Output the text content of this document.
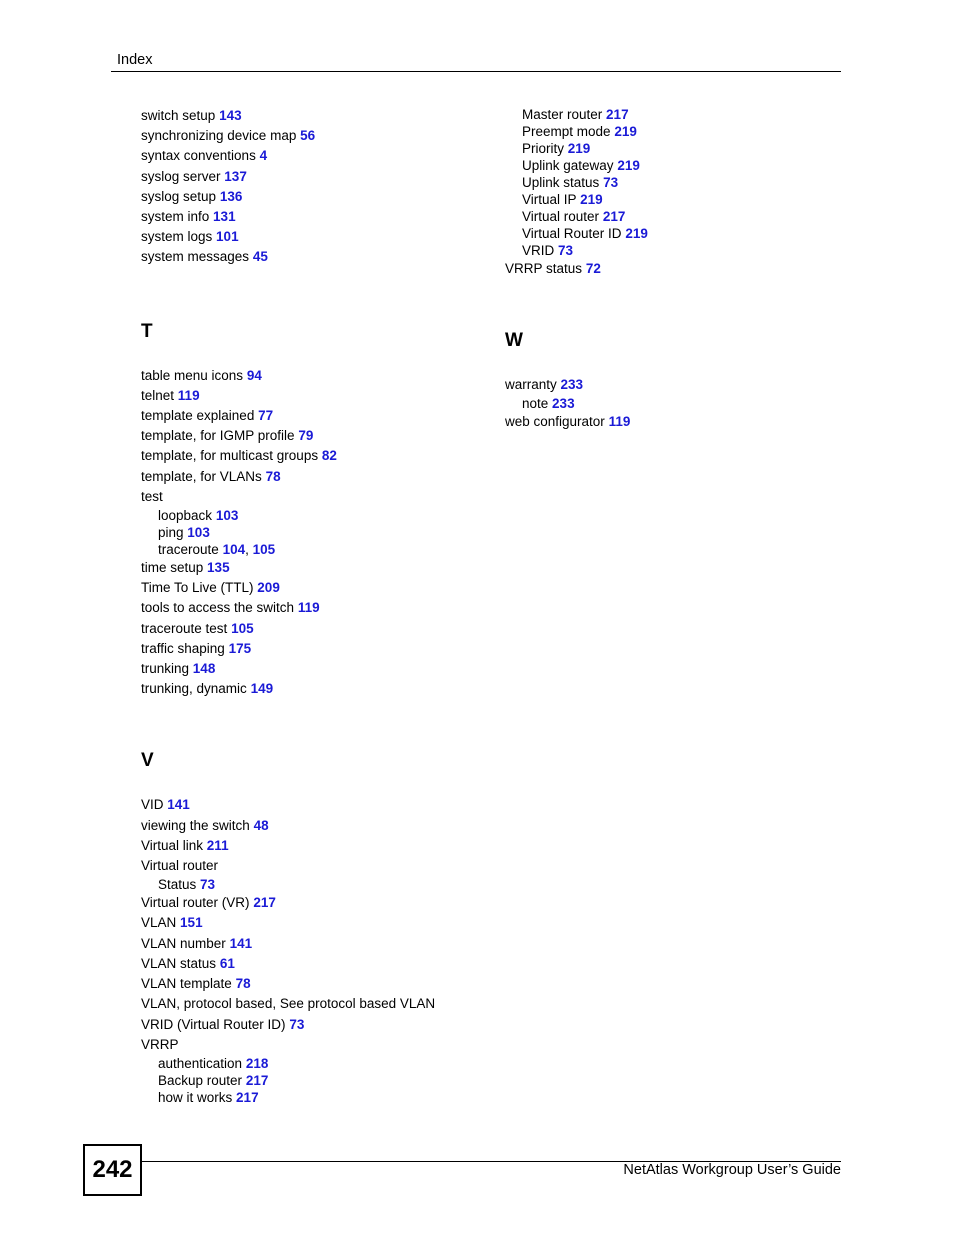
Index
switch setup 143
synchronizing device map 56
syntax conventions 4
syslog server 137
syslog setup 136
system info 131
system logs 101
system messages 45
T
table menu icons 94
telnet 119
template explained 77
template, for IGMP profile 79
template, for multicast groups 82
template, for VLANs 78
test
loopback 103
ping 103
traceroute 104, 105
time setup 135
Time To Live (TTL) 209
tools to access the switch 119
traceroute test 105
traffic shaping 175
trunking 148
trunking, dynamic 149
V
VID 141
viewing the switch 48
Virtual link 211
Virtual router
Status 73
Virtual router (VR) 217
VLAN 151
VLAN number 141
VLAN status 61
VLAN template 78
VLAN, protocol based, See protocol based VLAN
VRID (Virtual Router ID) 73
VRRP
authentication 218
Backup router 217
how it works 217
Master router 217
Preempt mode 219
Priority 219
Uplink gateway 219
Uplink status 73
Virtual IP 219
Virtual router 217
Virtual Router ID 219
VRID 73
VRRP status 72
W
warranty 233
note 233
web configurator 119
242	NetAtlas Workgroup User’s Guide
